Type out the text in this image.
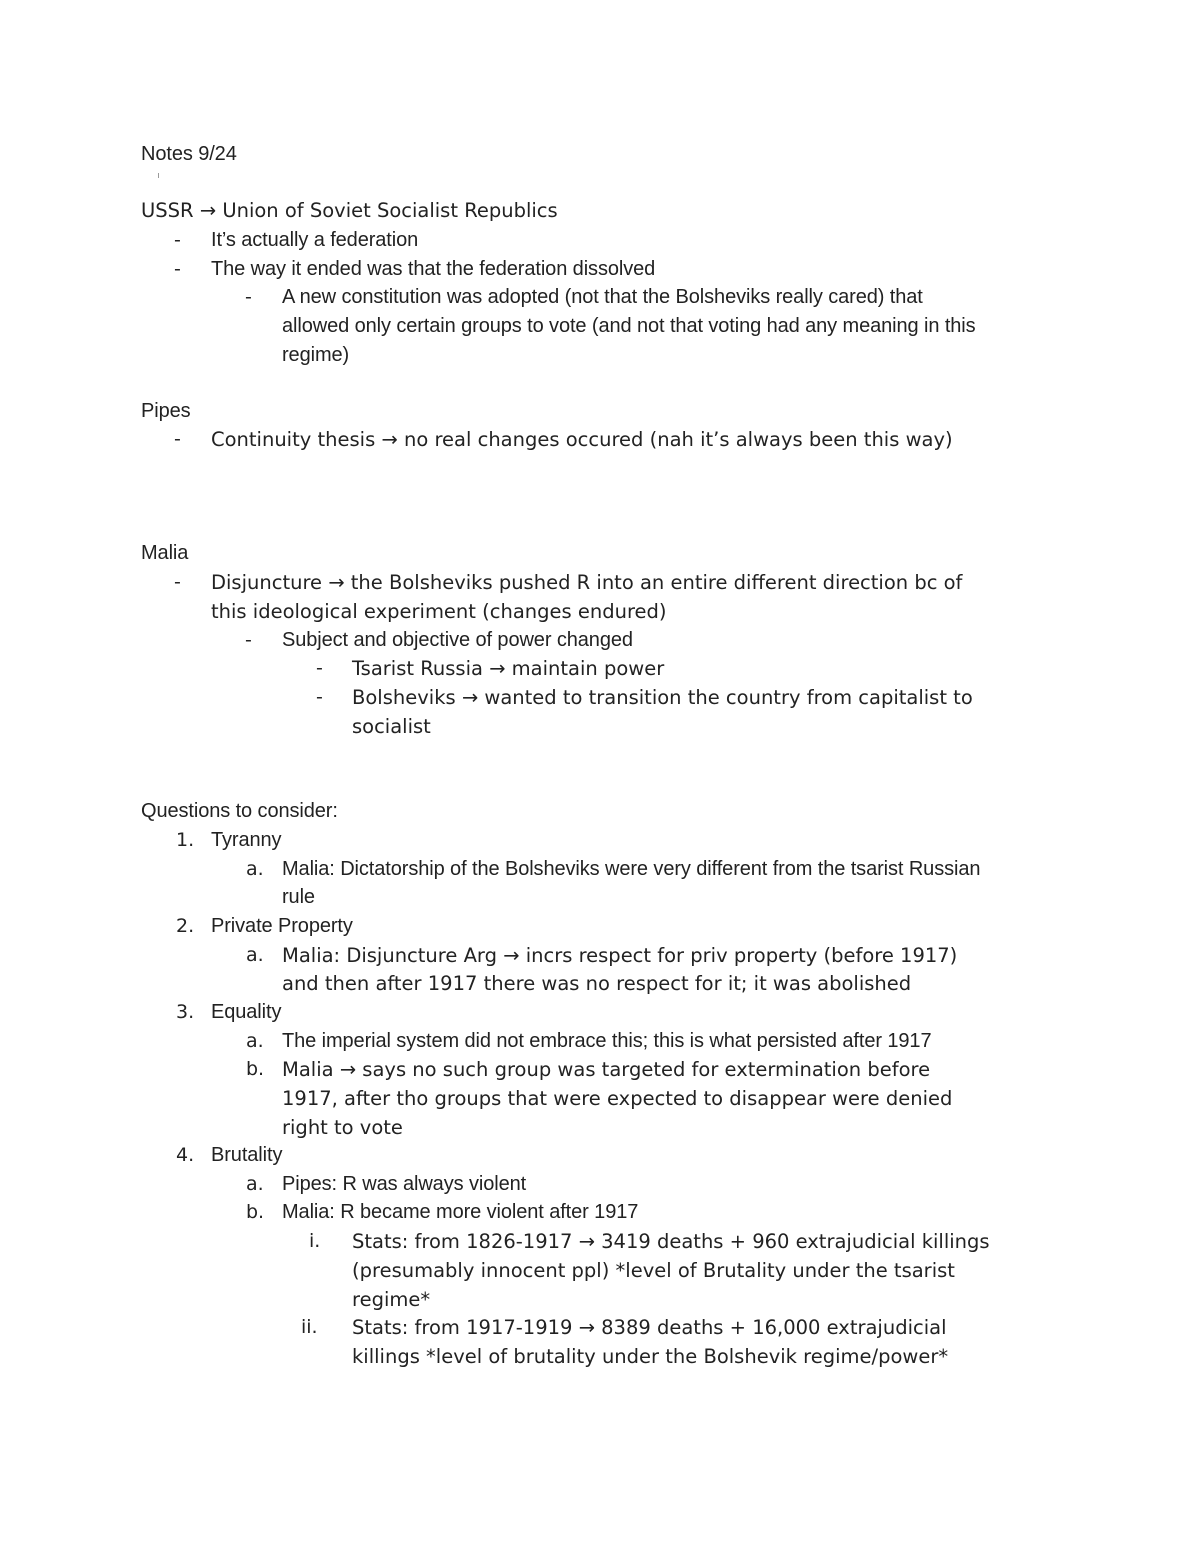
Notes 9/24
USSR → Union of Soviet Socialist Republics
- It’s actually a federation
- The way it ended was that the federation dissolved
- A new constitution was adopted (not that the Bolsheviks really cared) that
allowed only certain groups to vote (and not that voting had any meaning in this
regime)
Pipes
- Continuity thesis → no real changes occured (nah it’s always been this way)
Malia
- Disjuncture → the Bolsheviks pushed R into an entire different direction bc of
this ideological experiment (changes endured)
- Subject and objective of power changed
- Tsarist Russia → maintain power
- Bolsheviks → wanted to transition the country from capitalist to
socialist
Questions to consider:
1. Tyranny
a. Malia: Dictatorship of the Bolsheviks were very different from the tsarist Russian
rule
2. Private Property
a. Malia: Disjuncture Arg → incrs respect for priv property (before 1917)
and then after 1917 there was no respect for it; it was abolished
3. Equality
a. The imperial system did not embrace this; this is what persisted after 1917
b. Malia → says no such group was targeted for extermination before
1917, after tho groups that were expected to disappear were denied
right to vote
4. Brutality
a. Pipes: R was always violent
b. Malia: R became more violent after 1917
i. Stats: from 1826-1917 → 3419 deaths + 960 extrajudicial killings
(presumably innocent ppl) *level of Brutality under the tsarist
regime*
ii. Stats: from 1917-1919 → 8389 deaths + 16,000 extrajudicial
killings *level of brutality under the Bolshevik regime/power*
